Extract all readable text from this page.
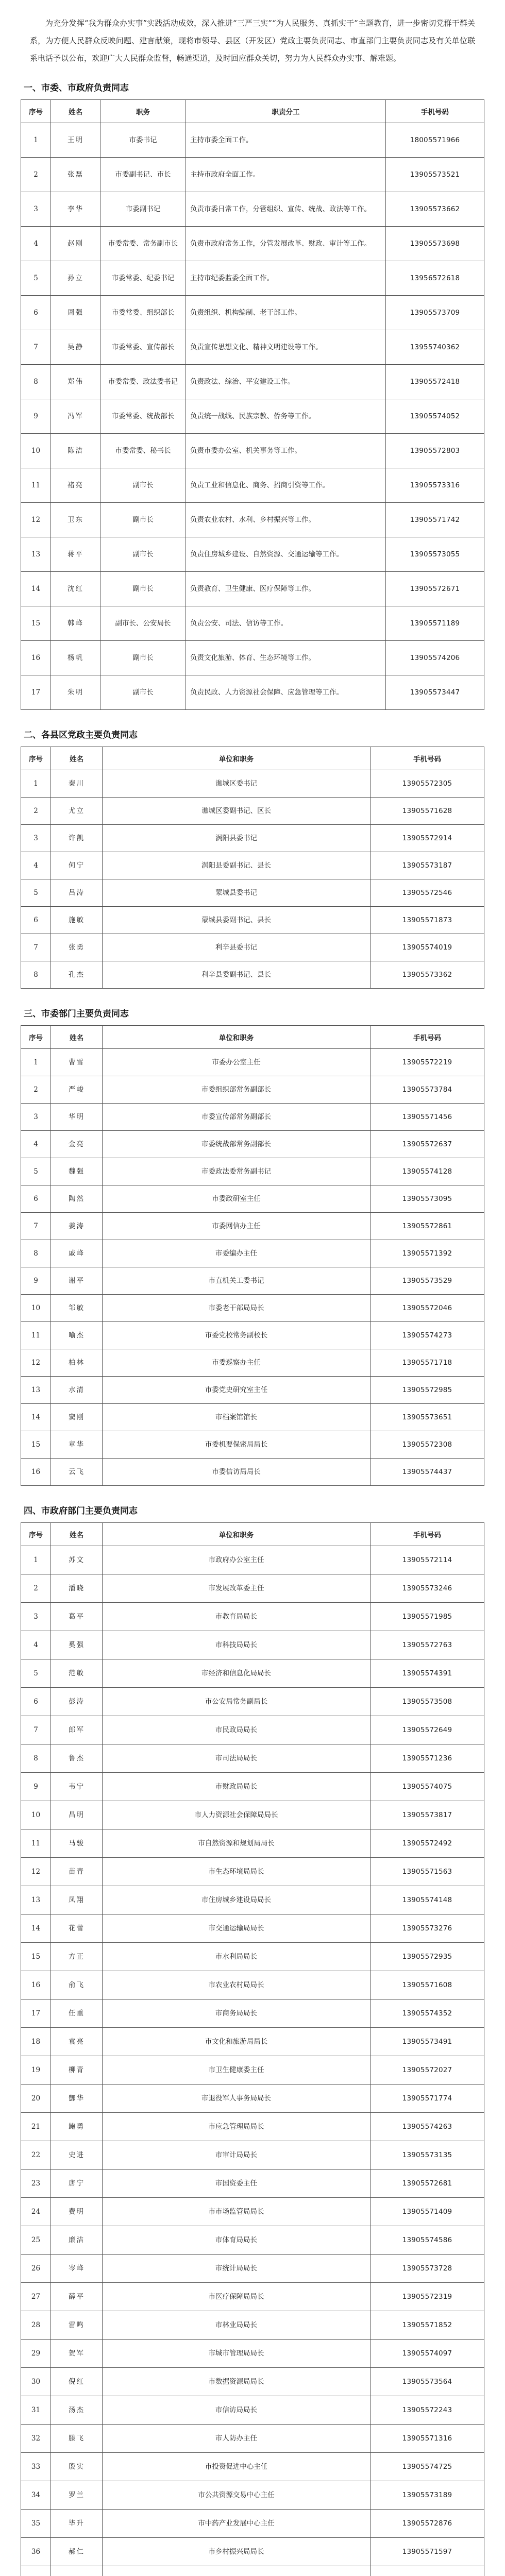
为充分发挥“我为群众办实事”实践活动成效，深入推进“三严三实”“为人民服务、真抓实干”主题教育，进一步密切党群干群关系，为方便人民群众反映问题、建言献策，现将市领导、县区（开发区）党政主要负责同志、市直部门主要负责同志及有关单位联系电话予以公布，欢迎广大人民群众监督，畅通渠道，及时回应群众关切，努力为人民群众办实事、解难题。

一、市委、市政府负责同志
序号	姓名	职务	职责分工	手机号码
1	王明	市委书记	主持市委全面工作。	18005571966
2	张磊	市委副书记、市长	主持市政府全面工作。	13905573521
3	李华	市委副书记	负责市委日常工作，分管组织、宣传、统战、政法等工作。	13905573662
4	赵刚	市委常委、常务副市长	负责市政府常务工作，分管发展改革、财政、审计等工作。	13905573698
5	孙立	市委常委、纪委书记	主持市纪委监委全面工作。	13956572618
6	周强	市委常委、组织部长	负责组织、机构编制、老干部工作。	13905573709
7	吴静	市委常委、宣传部长	负责宣传思想文化、精神文明建设等工作。	13955740362
8	郑伟	市委常委、政法委书记	负责政法、综治、平安建设工作。	13905572418
9	冯军	市委常委、统战部长	负责统一战线、民族宗教、侨务等工作。	13905574052
10	陈洁	市委常委、秘书长	负责市委办公室、机关事务等工作。	13905572803
11	褚亮	副市长	负责工业和信息化、商务、招商引资等工作。	13905573316
12	卫东	副市长	负责农业农村、水利、乡村振兴等工作。	13905571742
13	蒋平	副市长	负责住房城乡建设、自然资源、交通运输等工作。	13905573055
14	沈红	副市长	负责教育、卫生健康、医疗保障等工作。	13905572671
15	韩峰	副市长、公安局长	负责公安、司法、信访等工作。	13905571189
16	杨帆	副市长	负责文化旅游、体育、生态环境等工作。	13905574206
17	朱明	副市长	负责民政、人力资源社会保障、应急管理等工作。	13905573447
二、各县区党政主要负责同志
序号	姓名	单位和职务	手机号码
1	秦川	谯城区委书记	13905572305
2	尤立	谯城区委副书记、区长	13905571628
3	许凯	涡阳县委书记	13905572914
4	何宁	涡阳县委副书记、县长	13905573187
5	吕涛	蒙城县委书记	13905572546
6	施敏	蒙城县委副书记、县长	13905571873
7	张勇	利辛县委书记	13905574019
8	孔杰	利辛县委副书记、县长	13905573362
三、市委部门主要负责同志
序号	姓名	单位和职务	手机号码
1	曹雪	市委办公室主任	13905572219
2	严峻	市委组织部常务副部长	13905573784
3	华明	市委宣传部常务副部长	13905571456
4	金亮	市委统战部常务副部长	13905572637
5	魏强	市委政法委常务副书记	13905574128
6	陶然	市委政研室主任	13905573095
7	姜涛	市委网信办主任	13905572861
8	戚峰	市委编办主任	13905571392
9	谢平	市直机关工委书记	13905573529
10	邹敏	市委老干部局局长	13905572046
11	喻杰	市委党校常务副校长	13905574273
12	柏林	市委巡察办主任	13905571718
13	水清	市委党史研究室主任	13905572985
14	窦刚	市档案馆馆长	13905573651
15	章华	市委机要保密局局长	13905572308
16	云飞	市委信访局局长	13905574437
四、市政府部门主要负责同志
序号	姓名	单位和职务	手机号码
1	苏文	市政府办公室主任	13905572114
2	潘晓	市发展改革委主任	13905573246
3	葛平	市教育局局长	13905571985
4	奚强	市科技局局长	13905572763
5	范敏	市经济和信息化局局长	13905574391
6	彭涛	市公安局常务副局长	13905573508
7	郎军	市民政局局长	13905572649
8	鲁杰	市司法局局长	13905571236
9	韦宁	市财政局局长	13905574075
10	昌明	市人力资源社会保障局局长	13905573817
11	马骏	市自然资源和规划局局长	13905572492
12	苗青	市生态环境局局长	13905571563
13	凤翔	市住房城乡建设局局长	13905574148
14	花蕾	市交通运输局局长	13905573276
15	方正	市水利局局长	13905572935
16	俞飞	市农业农村局局长	13905571608
17	任重	市商务局局长	13905574352
18	袁亮	市文化和旅游局局长	13905573491
19	柳青	市卫生健康委主任	13905572027
20	酆华	市退役军人事务局局长	13905571774
21	鲍勇	市应急管理局局长	13905574263
22	史进	市审计局局长	13905573135
23	唐宁	市国资委主任	13905572681
24	费明	市市场监管局局长	13905571409
25	廉洁	市体育局局长	13905574586
26	岑峰	市统计局局长	13905573728
27	薛平	市医疗保障局局长	13905572319
28	雷鸣	市林业局局长	13905571852
29	贺军	市城市管理局局长	13905574097
30	倪红	市数据资源局局长	13905573564
31	汤杰	市信访局局长	13905572243
32	滕飞	市人防办主任	13905571316
33	殷实	市投资促进中心主任	13905574725
34	罗兰	市公共资源交易中心主任	13905573189
35	毕升	市中药产业发展中心主任	13905572876
36	郝仁	市乡村振兴局局长	13905571597
